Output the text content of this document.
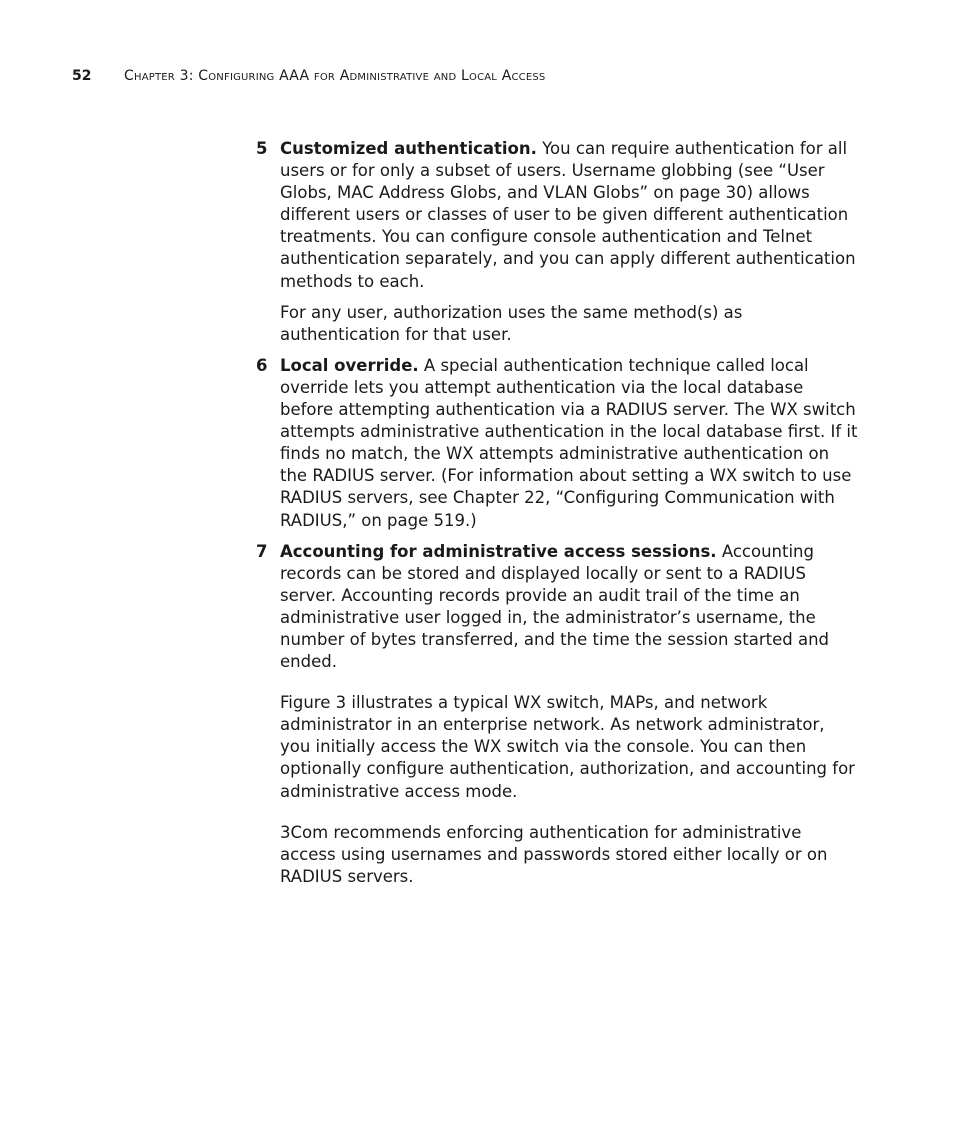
52 Chapter 3: Configuring AAA for Administrative and Local Access
5 Customized authentication. You can require authentication for all users or for only a subset of users. Username globbing (see “User Globs, MAC Address Globs, and VLAN Globs” on page 30) allows different users or classes of user to be given different authentication treatments. You can configure console authentication and Telnet authentication separately, and you can apply different authentication methods to each.

For any user, authorization uses the same method(s) as authentication for that user.

6 Local override. A special authentication technique called local override lets you attempt authentication via the local database before attempting authentication via a RADIUS server. The WX switch attempts administrative authentication in the local database first. If it finds no match, the WX attempts administrative authentication on the RADIUS server. (For information about setting a WX switch to use RADIUS servers, see Chapter 22, “Configuring Communication with RADIUS,” on page 519.)
7 Accounting for administrative access sessions. Accounting records can be stored and displayed locally or sent to a RADIUS server. Accounting records provide an audit trail of the time an administrative user logged in, the administrator’s username, the number of bytes transferred, and the time the session started and ended.

Figure 3 illustrates a typical WX switch, MAPs, and network administrator in an enterprise network. As network administrator, you initially access the WX switch via the console. You can then optionally configure authentication, authorization, and accounting for administrative access mode.

3Com recommends enforcing authentication for administrative access using usernames and passwords stored either locally or on RADIUS servers.
